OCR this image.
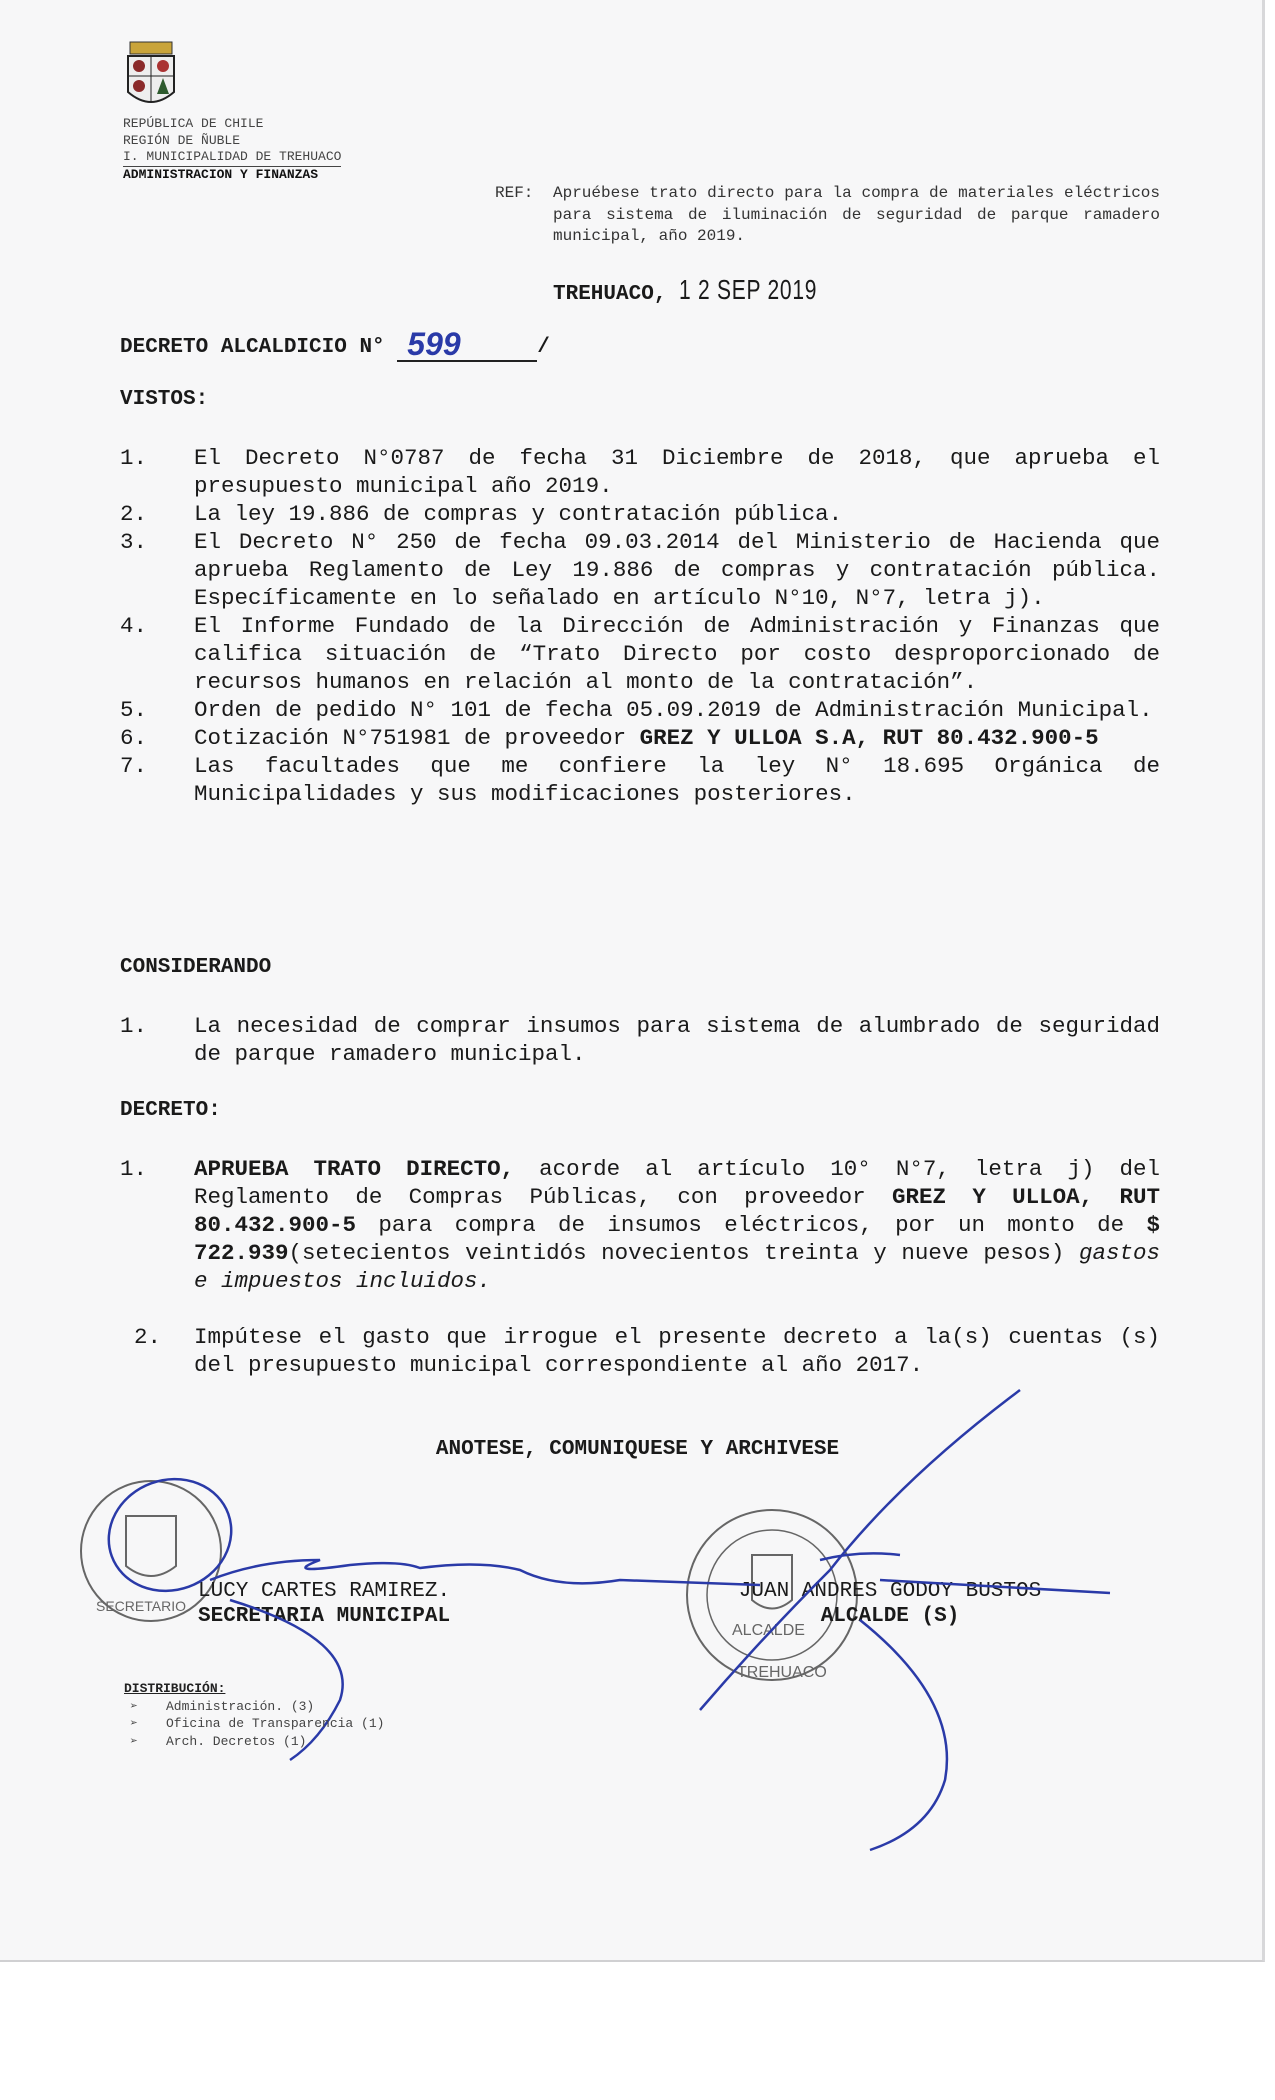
REPÚBLICA DE CHILE
REGIÓN DE ÑUBLE
I. MUNICIPALIDAD DE TREHUACO
ADMINISTRACION Y FINANZAS
REF:	Apruébese trato directo para la compra de materiales eléctricos para sistema de iluminación de seguridad de parque ramadero municipal, año 2019.
TREHUACO, 1 2 SEP 2019
DECRETO ALCALDICIO N° 599	/
VISTOS:
1.	El Decreto N°0787 de fecha 31 Diciembre de 2018, que aprueba el presupuesto municipal año 2019.
2.	La ley 19.886 de compras y contratación pública.
3.	El Decreto N° 250 de fecha 09.03.2014 del Ministerio de Hacienda que aprueba Reglamento de Ley 19.886 de compras y contratación pública. Específicamente en lo señalado en artículo N°10, N°7, letra j).
4.	El Informe Fundado de la Dirección de Administración y Finanzas que califica situación de “Trato Directo por costo desproporcionado de recursos humanos en relación al monto de la contratación”.
5.	Orden de pedido N° 101 de fecha 05.09.2019 de Administración Municipal.
6.	Cotización N°751981 de proveedor GREZ Y ULLOA S.A, RUT 80.432.900-5
7.	Las facultades que me confiere la ley N° 18.695 Orgánica de Municipalidades y sus modificaciones posteriores.
CONSIDERANDO
1.	La necesidad de comprar insumos para sistema de alumbrado de seguridad de parque ramadero municipal.
DECRETO:
1.	APRUEBA TRATO DIRECTO, acorde al artículo 10° N°7, letra j) del Reglamento de Compras Públicas, con proveedor GREZ Y ULLOA, RUT 80.432.900-5 para compra de insumos eléctricos, por un monto de $ 722.939(setecientos veintidós novecientos treinta y nueve pesos) gastos e impuestos incluidos.
2.	Impútese el gasto que irrogue el presente decreto a la(s) cuentas (s) del presupuesto municipal correspondiente al año 2017.
ANOTESE, COMUNIQUESE Y ARCHIVESE
SECRETARIO
ALCALDE
TREHUACO
LUCY CARTES RAMIREZ.
SECRETARIA MUNICIPAL
JUAN ANDRES GODOY BUSTOS
ALCALDE (S)
DISTRIBUCIÓN:
➢ Administración. (3)
➢ Oficina de Transparencia (1)
➢ Arch. Decretos (1)
